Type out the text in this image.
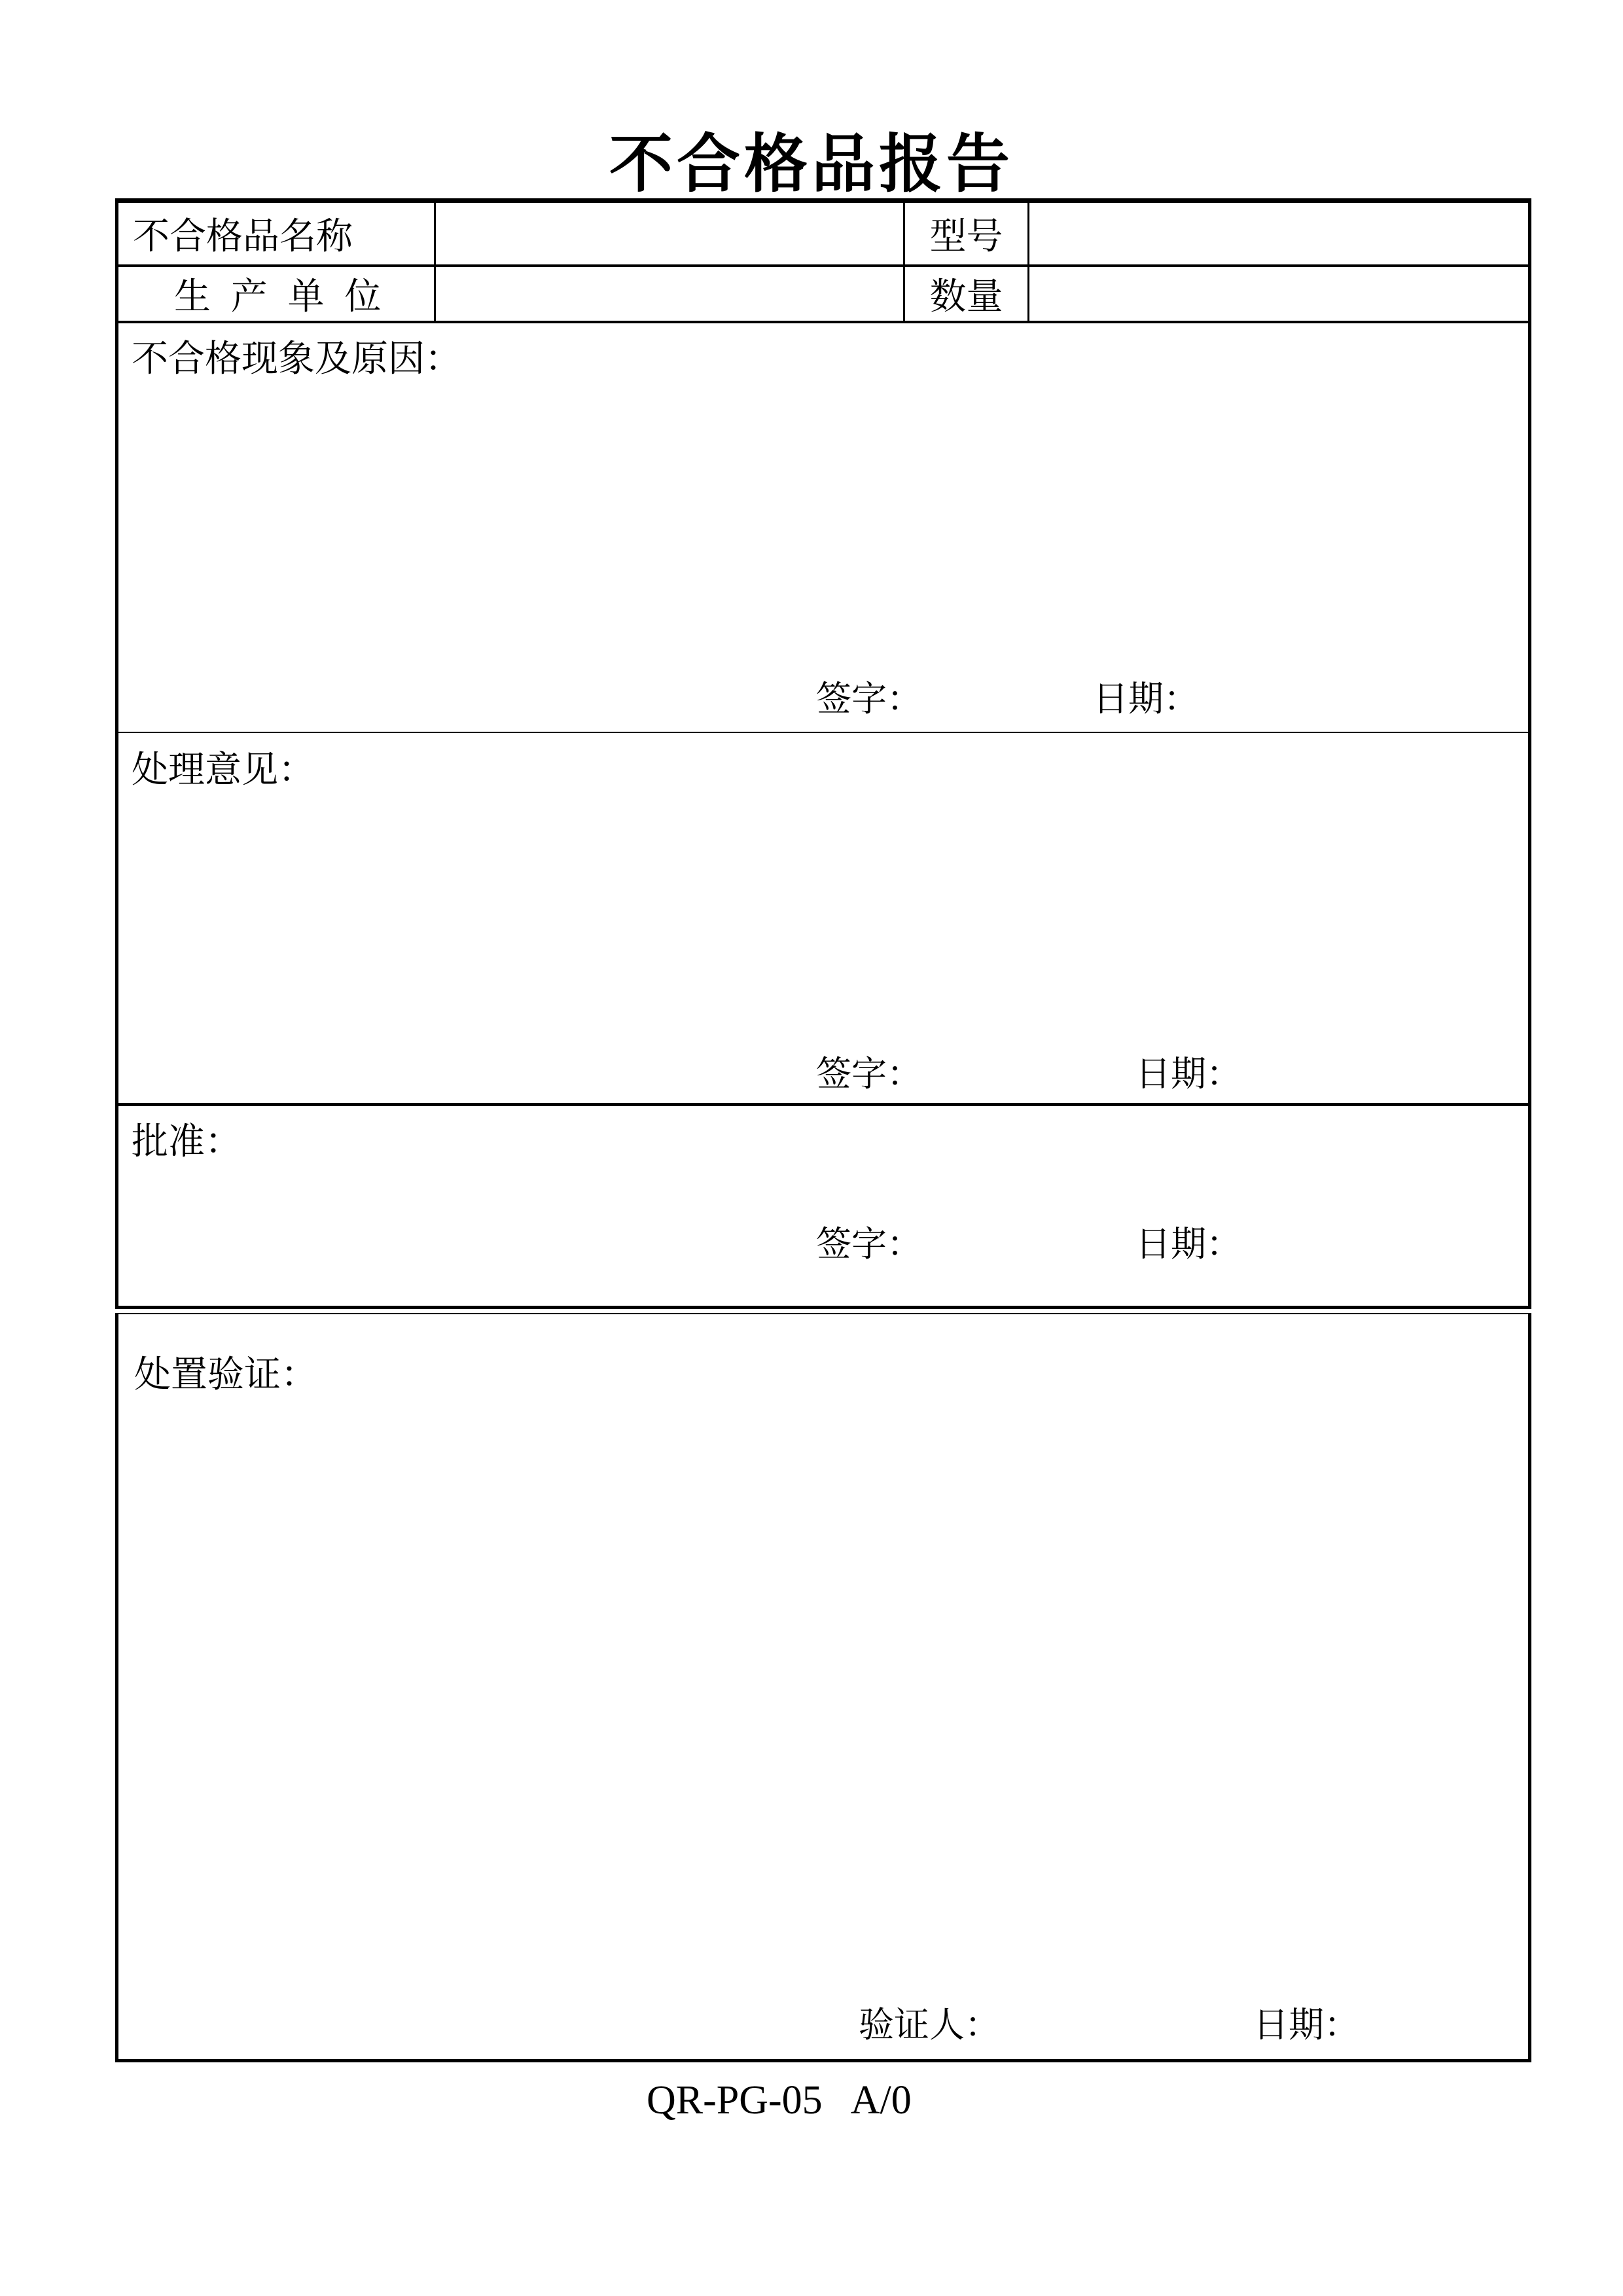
不合格品报告
不合格品名称	型号
生产单位	数量
不合格现象及原因：
签字：	日期：
处理意见：
签字：	日期：
批准：
签字：	日期：
处置验证：
验证人：	日期：
QR-PG-05   A/0
